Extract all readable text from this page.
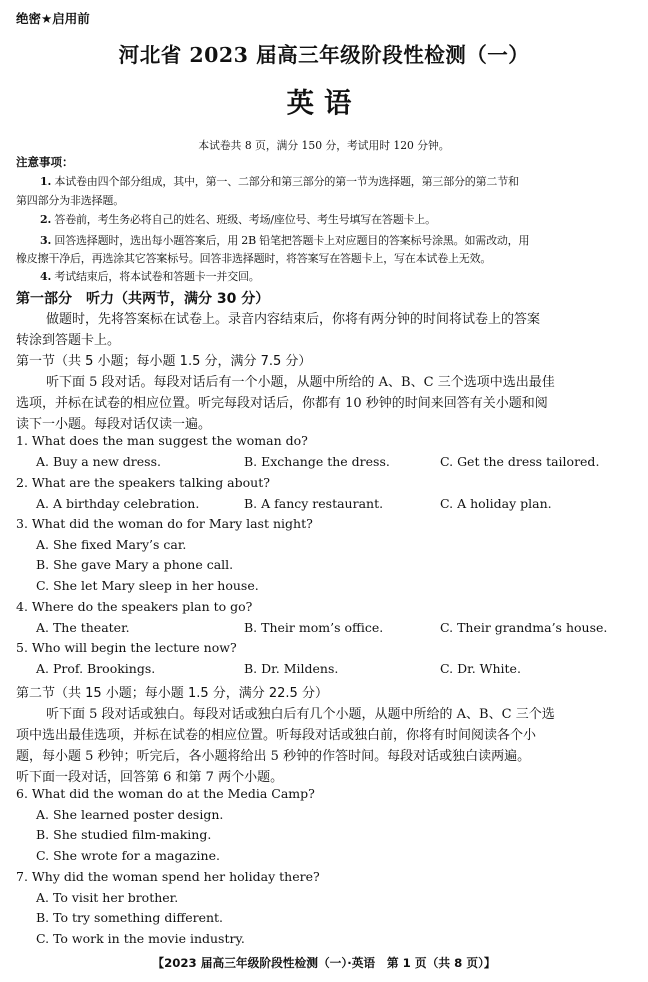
绝密★启用前
河北省 2023 届高三年级阶段性检测（一）
英语
本试卷共 8 页，满分 150 分，考试用时 120 分钟。
注意事项：
1. 本试卷由四个部分组成，其中，第一、二部分和第三部分的第一节为选择题，第三部分的第二节和
第四部分为非选择题。
2. 答卷前，考生务必将自己的姓名、班级、考场/座位号、考生号填写在答题卡上。
3. 回答选择题时，选出每小题答案后，用 2B 铅笔把答题卡上对应题目的答案标号涂黑。如需改动，用
橡皮擦干净后，再选涂其它答案标号。回答非选择题时，将答案写在答题卡上，写在本试卷上无效。
4. 考试结束后，将本试卷和答题卡一并交回。
第一部分　听力（共两节，满分 30 分）
做题时，先将答案标在试卷上。录音内容结束后，你将有两分钟的时间将试卷上的答案
转涂到答题卡上。
第一节（共 5 小题；每小题 1.5 分，满分 7.5 分）
听下面 5 段对话。每段对话后有一个小题，从题中所给的 A、B、C 三个选项中选出最佳
选项，并标在试卷的相应位置。听完每段对话后，你都有 10 秒钟的时间来回答有关小题和阅
读下一小题。每段对话仅读一遍。
1. What does the man suggest the woman do?
A. Buy a new dress.	B. Exchange the dress.	C. Get the dress tailored.
2. What are the speakers talking about?
A. A birthday celebration.	B. A fancy restaurant.	C. A holiday plan.
3. What did the woman do for Mary last night?
A. She fixed Mary’s car.
B. She gave Mary a phone call.
C. She let Mary sleep in her house.
4. Where do the speakers plan to go?
A. The theater.	B. Their mom’s office.	C. Their grandma’s house.
5. Who will begin the lecture now?
A. Prof. Brookings.	B. Dr. Mildens.	C. Dr. White.
第二节（共 15 小题；每小题 1.5 分，满分 22.5 分）
听下面 5 段对话或独白。每段对话或独白后有几个小题，从题中所给的 A、B、C 三个选
项中选出最佳选项，并标在试卷的相应位置。听每段对话或独白前，你将有时间阅读各个小
题，每小题 5 秒钟；听完后，各小题将给出 5 秒钟的作答时间。每段对话或独白读两遍。
听下面一段对话，回答第 6 和第 7 两个小题。
6. What did the woman do at the Media Camp?
A. She learned poster design.
B. She studied film-making.
C. She wrote for a magazine.
7. Why did the woman spend her holiday there?
A. To visit her brother.
B. To try something different.
C. To work in the movie industry.
【2023 届高三年级阶段性检测（一）·英语　第 1 页（共 8 页）】
